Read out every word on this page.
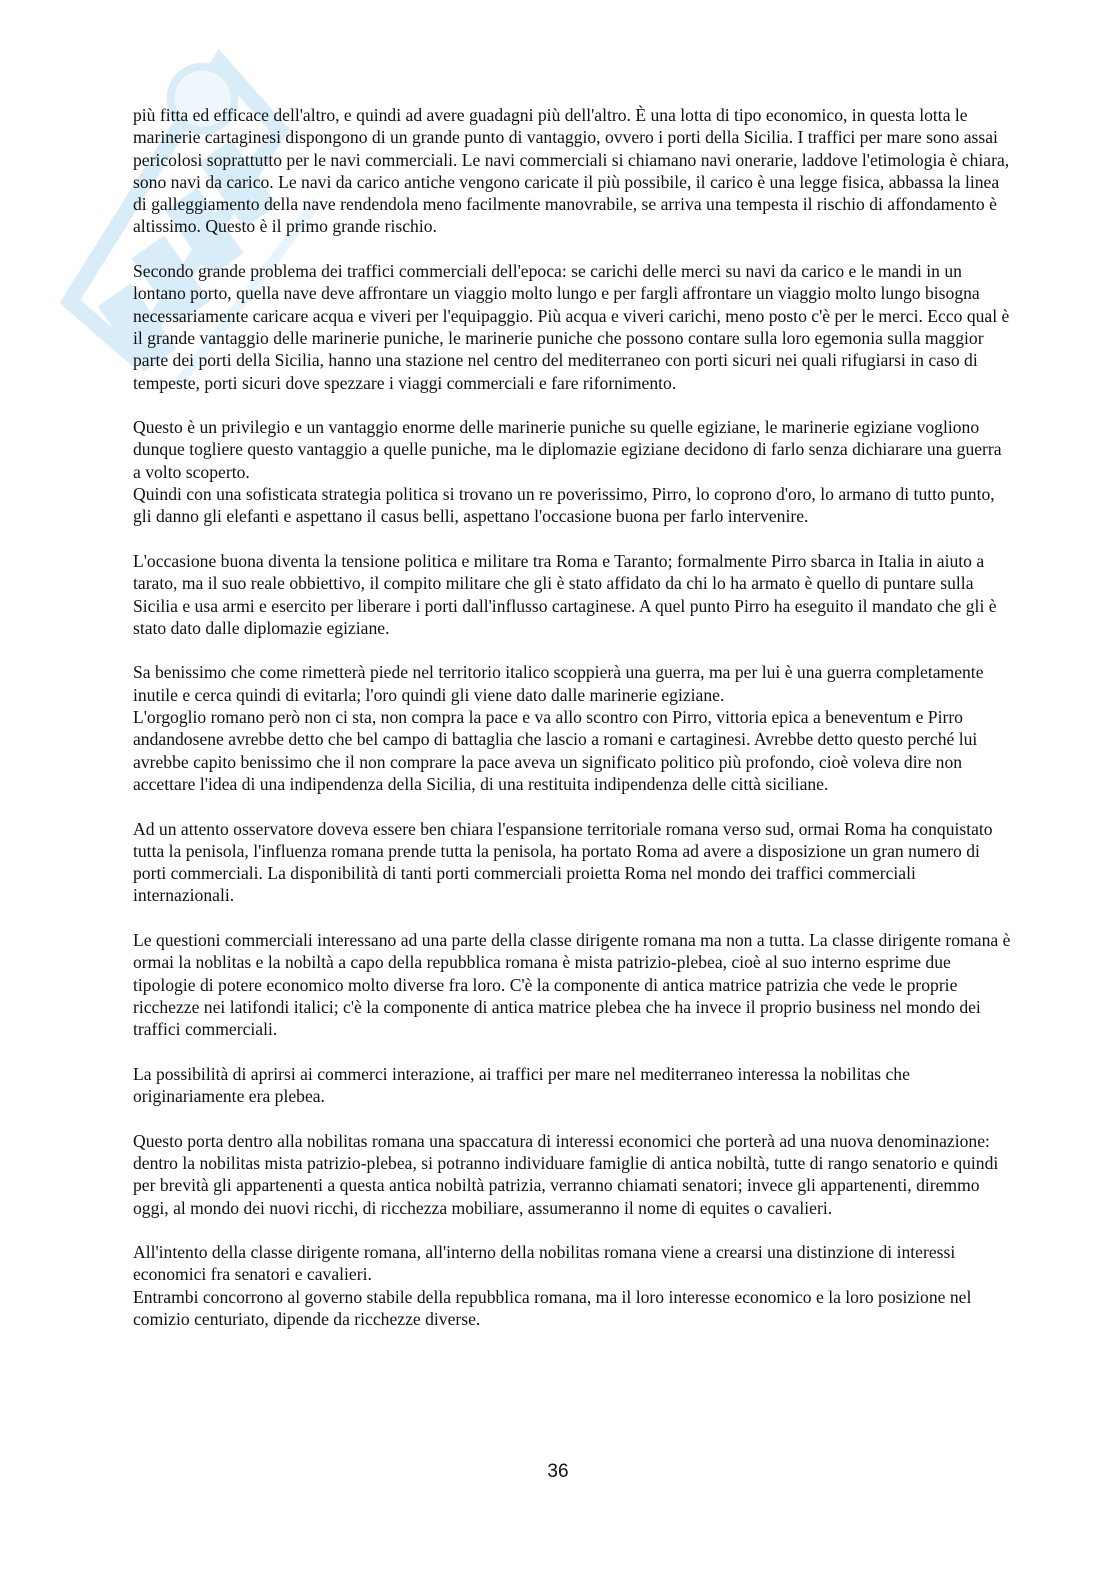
più fitta ed efficace dell'altro, e quindi ad avere guadagni più dell'altro. È una lotta di tipo economico, in questa lotta le marinerie cartaginesi dispongono di un grande punto di vantaggio, ovvero i porti della Sicilia. I traffici per mare sono assai pericolosi soprattutto per le navi commerciali. Le navi commerciali si chiamano navi onerarie, laddove l'etimologia è chiara, sono navi da carico. Le navi da carico antiche vengono caricate il più possibile, il carico è una legge fisica, abbassa la linea di galleggiamento della nave rendendola meno facilmente manovrabile, se arriva una tempesta il rischio di affondamento è altissimo. Questo è il primo grande rischio.

Secondo grande problema dei traffici commerciali dell'epoca: se carichi delle merci su navi da carico e le mandi in un lontano porto, quella nave deve affrontare un viaggio molto lungo e per fargli affrontare un viaggio molto lungo bisogna necessariamente caricare acqua e viveri per l'equipaggio. Più acqua e viveri carichi, meno posto c'è per le merci. Ecco qual è il grande vantaggio delle marinerie puniche, le marinerie puniche che possono contare sulla loro egemonia sulla maggior parte dei porti della Sicilia, hanno una stazione nel centro del mediterraneo con porti sicuri nei quali rifugiarsi in caso di tempeste, porti sicuri dove spezzare i viaggi commerciali e fare rifornimento.

Questo è un privilegio e un vantaggio enorme delle marinerie puniche su quelle egiziane, le marinerie egiziane vogliono dunque togliere questo vantaggio a quelle puniche, ma le diplomazie egiziane decidono di farlo senza dichiarare una guerra a volto scoperto.

Quindi con una sofisticata strategia politica si trovano un re poverissimo, Pirro, lo coprono d'oro, lo armano di tutto punto, gli danno gli elefanti e aspettano il casus belli, aspettano l'occasione buona per farlo intervenire.

L'occasione buona diventa la tensione politica e militare tra Roma e Taranto; formalmente Pirro sbarca in Italia in aiuto a tarato, ma il suo reale obbiettivo, il compito militare che gli è stato affidato da chi lo ha armato è quello di puntare sulla Sicilia e usa armi e esercito per liberare i porti dall'influsso cartaginese. A quel punto Pirro ha eseguito il mandato che gli è stato dato dalle diplomazie egiziane.

Sa benissimo che come rimetterà piede nel territorio italico scoppierà una guerra, ma per lui è una guerra completamente inutile e cerca quindi di evitarla; l'oro quindi gli viene dato dalle marinerie egiziane.

L'orgoglio romano però non ci sta, non compra la pace e va allo scontro con Pirro, vittoria epica a beneventum e Pirro andandosene avrebbe detto che bel campo di battaglia che lascio a romani e cartaginesi. Avrebbe detto questo perché lui avrebbe capito benissimo che il non comprare la pace aveva un significato politico più profondo, cioè voleva dire non accettare l'idea di una indipendenza della Sicilia, di una restituita indipendenza delle città siciliane.

Ad un attento osservatore doveva essere ben chiara l'espansione territoriale romana verso sud, ormai Roma ha conquistato tutta la penisola, l'influenza romana prende tutta la penisola, ha portato Roma ad avere a disposizione un gran numero di porti commerciali. La disponibilità di tanti porti commerciali proietta Roma nel mondo dei traffici commerciali internazionali.

Le questioni commerciali interessano ad una parte della classe dirigente romana ma non a tutta. La classe dirigente romana è ormai la noblitas e la nobiltà a capo della repubblica romana è mista patrizio-plebea, cioè al suo interno esprime due tipologie di potere economico molto diverse fra loro. C'è la componente di antica matrice patrizia che vede le proprie ricchezze nei latifondi italici; c'è la componente di antica matrice plebea che ha invece il proprio business nel mondo dei traffici commerciali.

La possibilità di aprirsi ai commerci interazione, ai traffici per mare nel mediterraneo interessa la nobilitas che originariamente era plebea.

Questo porta dentro alla nobilitas romana una spaccatura di interessi economici che porterà ad una nuova denominazione: dentro la nobilitas mista patrizio-plebea, si potranno individuare famiglie di antica nobiltà, tutte di rango senatorio e quindi per brevità gli appartenenti a questa antica nobiltà patrizia, verranno chiamati senatori; invece gli appartenenti, diremmo oggi, al mondo dei nuovi ricchi, di ricchezza mobiliare, assumeranno il nome di equites o cavalieri.

All'intento della classe dirigente romana, all'interno della nobilitas romana viene a crearsi una distinzione di interessi economici fra senatori e cavalieri.

Entrambi concorrono al governo stabile della repubblica romana, ma il loro interesse economico e la loro posizione nel comizio centuriato, dipende da ricchezze diverse.

36
